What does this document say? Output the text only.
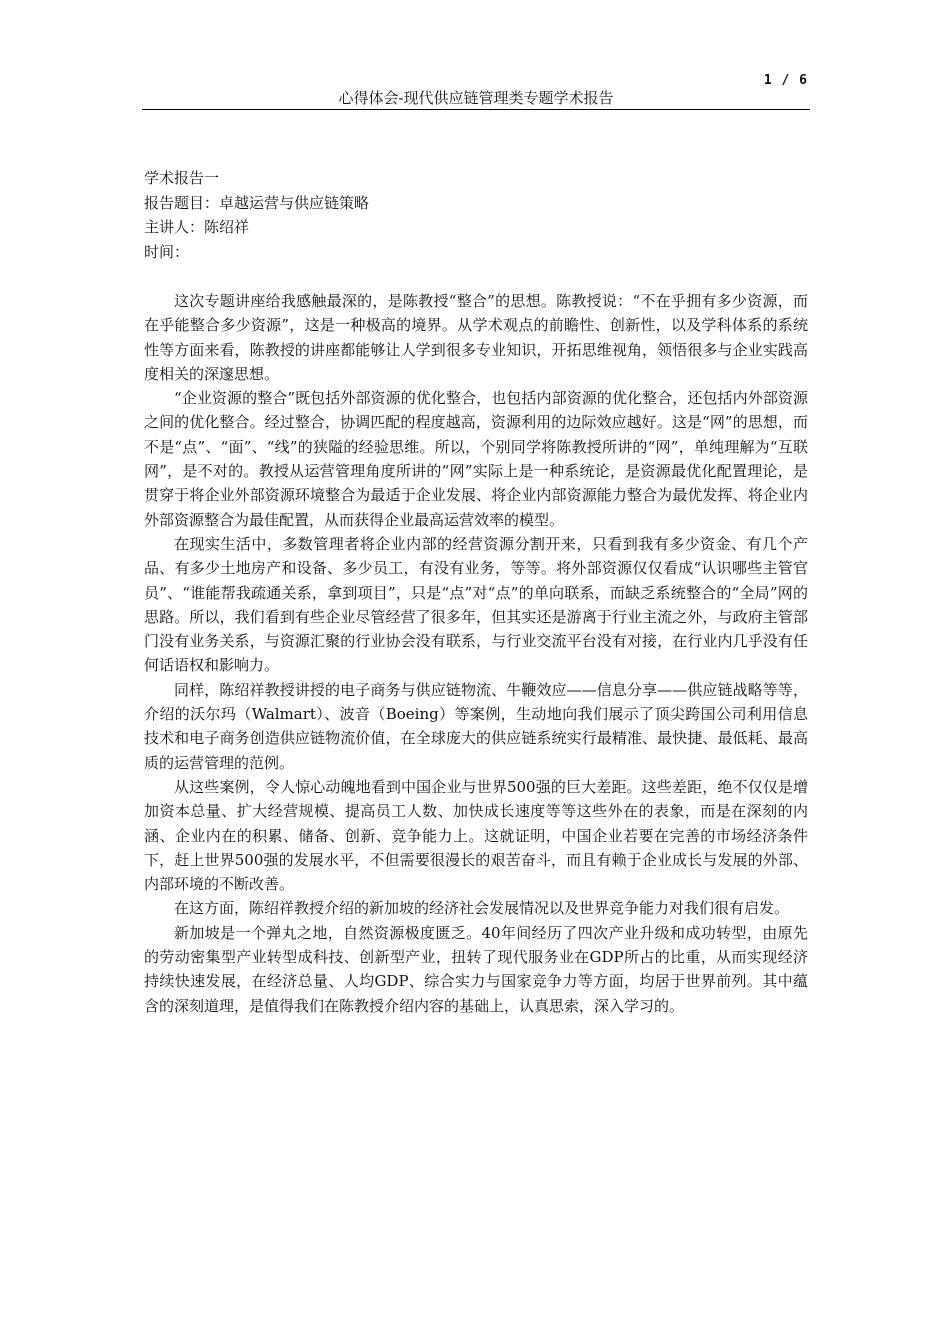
1 / 6
心得体会-现代供应链管理类专题学术报告
学术报告一
报告题目：卓越运营与供应链策略
主讲人：陈绍祥
时间：

这次专题讲座给我感触最深的，是陈教授“整合”的思想。陈教授说：“不在乎拥有多少资源，而在乎能整合多少资源”，这是一种极高的境界。从学术观点的前瞻性、创新性，以及学科体系的系统性等方面来看，陈教授的讲座都能够让人学到很多专业知识，开拓思维视角，领悟很多与企业实践高度相关的深邃思想。

“企业资源的整合”既包括外部资源的优化整合，也包括内部资源的优化整合，还包括内外部资源之间的优化整合。经过整合，协调匹配的程度越高，资源利用的边际效应越好。这是“网”的思想，而不是“点”、“面”、“线”的狭隘的经验思维。所以，个别同学将陈教授所讲的“网”，单纯理解为“互联网”，是不对的。教授从运营管理角度所讲的“网”实际上是一种系统论，是资源最优化配置理论，是贯穿于将企业外部资源环境整合为最适于企业发展、将企业内部资源能力整合为最优发挥、将企业内外部资源整合为最佳配置，从而获得企业最高运营效率的模型。

在现实生活中，多数管理者将企业内部的经营资源分割开来，只看到我有多少资金、有几个产品、有多少土地房产和设备、多少员工，有没有业务，等等。将外部资源仅仅看成“认识哪些主管官员”、“谁能帮我疏通关系，拿到项目”，只是“点”对“点”的单向联系，而缺乏系统整合的“全局”网的思路。所以，我们看到有些企业尽管经营了很多年，但其实还是游离于行业主流之外，与政府主管部门没有业务关系，与资源汇聚的行业协会没有联系，与行业交流平台没有对接，在行业内几乎没有任何话语权和影响力。

同样，陈绍祥教授讲授的电子商务与供应链物流、牛鞭效应——信息分享——供应链战略等等，介绍的沃尔玛（Walmart）、波音（Boeing）等案例，生动地向我们展示了顶尖跨国公司利用信息技术和电子商务创造供应链物流价值，在全球庞大的供应链系统实行最精准、最快捷、最低耗、最高质的运营管理的范例。

从这些案例，令人惊心动魄地看到中国企业与世界500强的巨大差距。这些差距，绝不仅仅是增加资本总量、扩大经营规模、提高员工人数、加快成长速度等等这些外在的表象，而是在深刻的内涵、企业内在的积累、储备、创新、竞争能力上。这就证明，中国企业若要在完善的市场经济条件下，赶上世界500强的发展水平，不但需要很漫长的艰苦奋斗，而且有赖于企业成长与发展的外部、内部环境的不断改善。

在这方面，陈绍祥教授介绍的新加坡的经济社会发展情况以及世界竞争能力对我们很有启发。

新加坡是一个弹丸之地，自然资源极度匮乏。40年间经历了四次产业升级和成功转型，由原先的劳动密集型产业转型成科技、创新型产业，扭转了现代服务业在GDP所占的比重，从而实现经济持续快速发展，在经济总量、人均GDP、综合实力与国家竞争力等方面，均居于世界前列。其中蕴含的深刻道理，是值得我们在陈教授介绍内容的基础上，认真思索，深入学习的。
